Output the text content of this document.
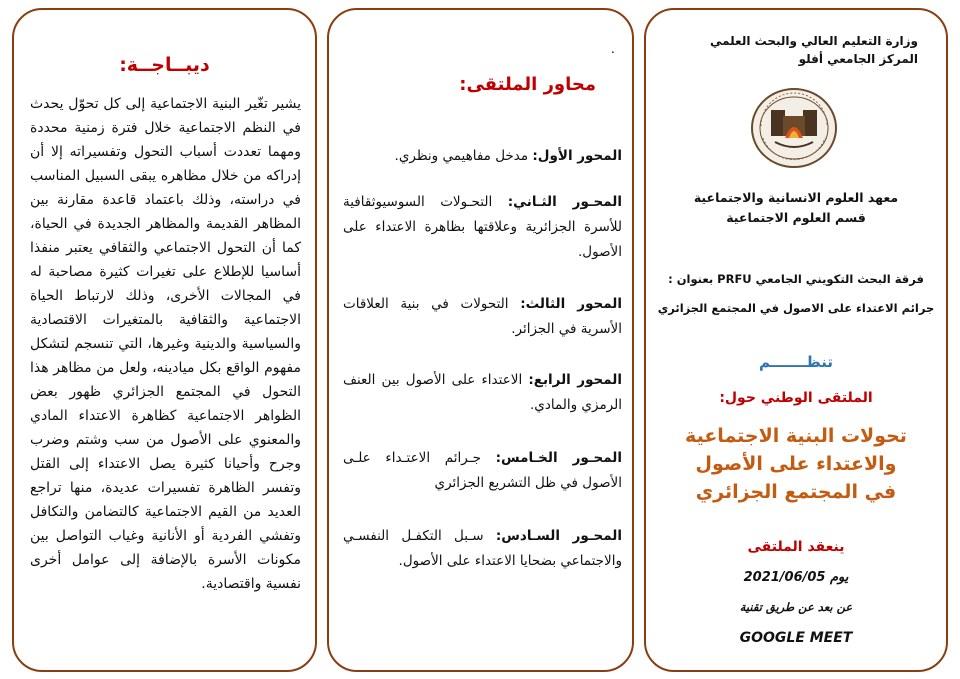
ديبــاجــة:
يشير تغّير البنية الاجتماعية إلى كل تحوّل يحدث في النظم الاجتماعية خلال فترة زمنية محددة ومهما تعددت أسباب التحول وتفسيراته إلا أن إدراكه من خلال مظاهره يبقى السبيل المناسب في دراسته، وذلك باعتماد قاعدة مقارنة بين المظاهر القديمة والمظاهر الجديدة في الحياة، كما أن التحول الاجتماعي والثقافي يعتبر منفذا أساسيا للإطلاع على تغيرات كثيرة مصاحبة له في المجالات الأخرى، وذلك لارتباط الحياة الاجتماعية والثقافية بالمتغيرات الاقتصادية والسياسية والدينية وغيرها، التي تنسجم لتشكل مفهوم الواقع بكل ميادينه، ولعل من مظاهر هذا التحول في المجتمع الجزائري ظهور بعض الظواهر الاجتماعية كظاهرة الاعتداء المادي والمعنوي على الأصول من سب وشتم وضرب وجرح وأحيانا كثيرة يصل الاعتداء إلى القتل وتفسر الظاهرة تفسيرات عديدة، منها تراجع العديد من القيم الاجتماعية كالتضامن والتكافل وتفشي الفردية أو الأنانية وغياب التواصل بين مكونات الأسرة بالإضافة إلى عوامل أخرى نفسية واقتصادية.
.
محاور الملتقى:
المحور الأول: مدخل مفاهيمي ونظري.
المحـور الثـاني: التحـولات السوسيوثقافية للأسرة الجزائرية وعلاقتها بظاهرة الاعتداء على الأصول.
المحور الثالث: التحولات في بنية العلاقات الأسرية في الجزائر.
المحور الرابع: الاعتداء على الأصول بين العنف الرمزي والمادي.
المحـور الخـامس: جـرائم الاعتـداء علـى الأصول في ظل التشريع الجزائري
المحـور السـادس: سـبل التكفـل النفسـي والاجتماعي بضحايا الاعتداء على الأصول.
وزارة التعليم العالي والبحث العلمي
المركز الجامعي أفلو
معهد العلوم الانسانية والاجتماعية
قسم العلوم الاجتماعية
فرقة البحث التكويني الجامعي PRFU بعنوان :
جرائم الاعتداء على الاصول في المجتمع الجزائري
تنظـــــــم
الملتقى الوطني حول:
تحولات البنية الاجتماعية
والاعتداء على الأصول
في المجتمع الجزائري
ينعقد الملتقى
يوم 2021/06/05
عن بعد عن طريق تقنية
GOOGLE MEET
